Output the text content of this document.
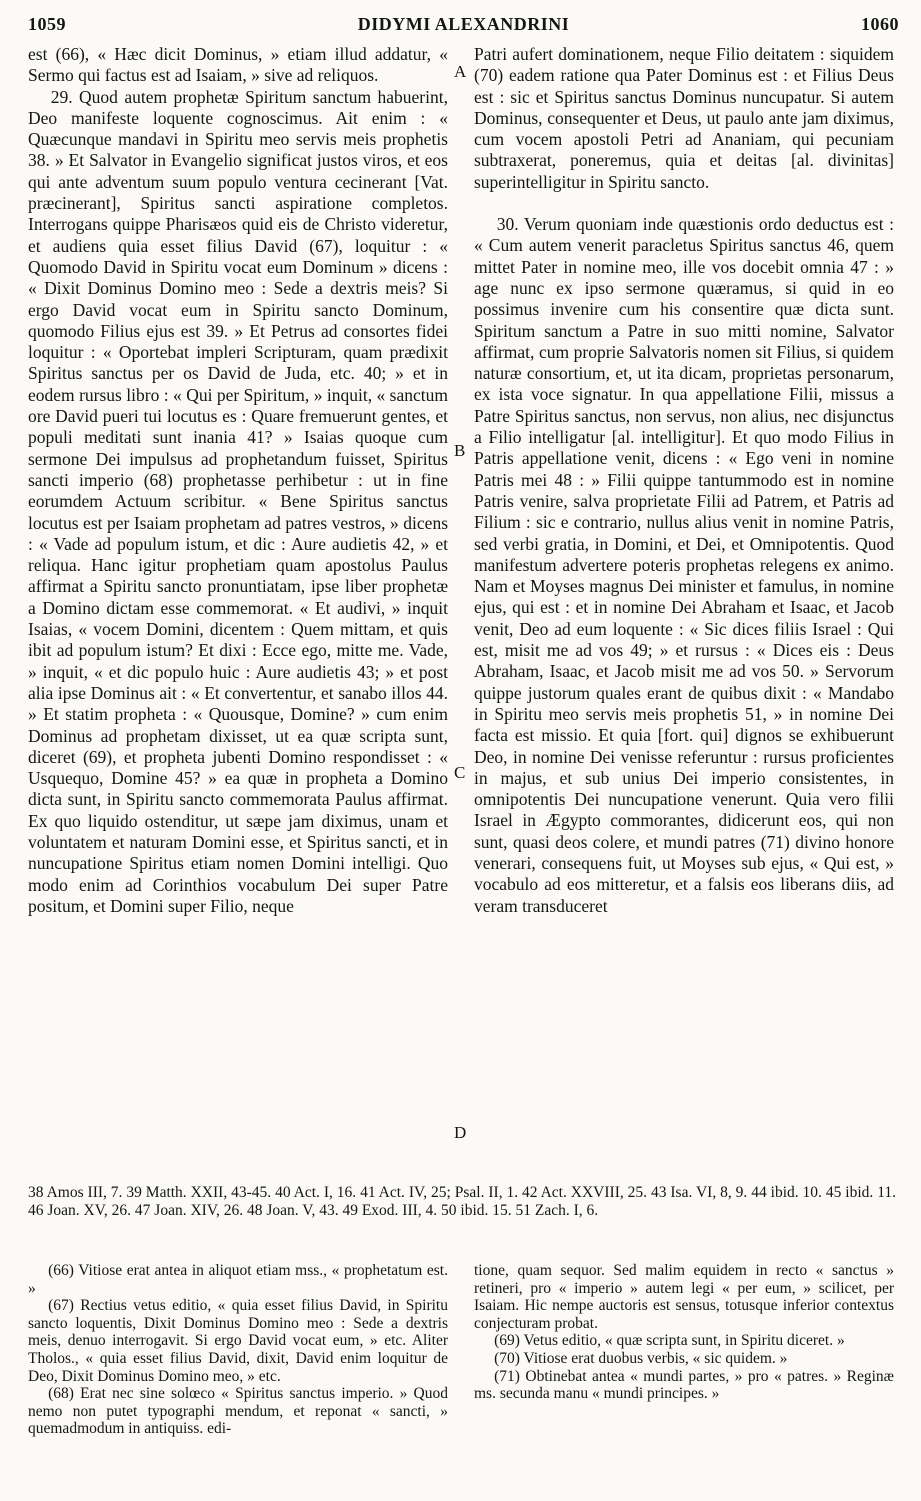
1059	DIDYMI ALEXANDRINI	1060
A
B
C
D

est (66), « Hæc dicit Dominus, » etiam illud addatur, « Sermo qui factus est ad Isaiam, » sive ad reliquos.

29. Quod autem prophetæ Spiritum sanctum habuerint, Deo manifeste loquente cognoscimus. Ait enim : « Quæcunque mandavi in Spiritu meo servis meis prophetis 38. » Et Salvator in Evangelio significat justos viros, et eos qui ante adventum suum populo ventura cecinerant [Vat. præcinerant], Spiritus sancti aspiratione completos. Interrogans quippe Pharisæos quid eis de Christo videretur, et audiens quia esset filius David (67), loquitur : « Quomodo David in Spiritu vocat eum Dominum » dicens : « Dixit Dominus Domino meo : Sede a dextris meis? Si ergo David vocat eum in Spiritu sancto Dominum, quomodo Filius ejus est 39. » Et Petrus ad consortes fidei loquitur : « Oportebat impleri Scripturam, quam prædixit Spiritus sanctus per os David de Juda, etc. 40; » et in eodem rursus libro : « Qui per Spiritum, » inquit, « sanctum ore David pueri tui locutus es : Quare fremuerunt gentes, et populi meditati sunt inania 41? » Isaias quoque cum sermone Dei impulsus ad prophetandum fuisset, Spiritus sancti imperio (68) prophetasse perhibetur : ut in fine eorumdem Actuum scribitur. « Bene Spiritus sanctus locutus est per Isaiam prophetam ad patres vestros, » dicens : « Vade ad populum istum, et dic : Aure audietis 42, » et reliqua. Hanc igitur prophetiam quam apostolus Paulus affirmat a Spiritu sancto pronuntiatam, ipse liber prophetæ a Domino dictam esse commemorat. « Et audivi, » inquit Isaias, « vocem Domini, dicentem : Quem mittam, et quis ibit ad populum istum? Et dixi : Ecce ego, mitte me. Vade, » inquit, « et dic populo huic : Aure audietis 43; » et post alia ipse Dominus ait : « Et convertentur, et sanabo illos 44. » Et statim propheta : « Quousque, Domine? » cum enim Dominus ad prophetam dixisset, ut ea quæ scripta sunt, diceret (69), et propheta jubenti Domino respondisset : « Usquequo, Domine 45? » ea quæ in propheta a Domino dicta sunt, in Spiritu sancto commemorata Paulus affirmat. Ex quo liquido ostenditur, ut sæpe jam diximus, unam et voluntatem et naturam Domini esse, et Spiritus sancti, et in nuncupatione Spiritus etiam nomen Domini intelligi. Quo modo enim ad Corinthios vocabulum Dei super Patre positum, et Domini super Filio, neque

Patri aufert dominationem, neque Filio deitatem : siquidem (70) eadem ratione qua Pater Dominus est : et Filius Deus est : sic et Spiritus sanctus Dominus nuncupatur. Si autem Dominus, consequenter et Deus, ut paulo ante jam diximus, cum vocem apostoli Petri ad Ananiam, qui pecuniam subtraxerat, poneremus, quia et deitas [al. divinitas] superintelligitur in Spiritu sancto.

30. Verum quoniam inde quæstionis ordo deductus est : « Cum autem venerit paracletus Spiritus sanctus 46, quem mittet Pater in nomine meo, ille vos docebit omnia 47 : » age nunc ex ipso sermone quæramus, si quid in eo possimus invenire cum his consentire quæ dicta sunt. Spiritum sanctum a Patre in suo mitti nomine, Salvator affirmat, cum proprie Salvatoris nomen sit Filius, si quidem naturæ consortium, et, ut ita dicam, proprietas personarum, ex ista voce signatur. In qua appellatione Filii, missus a Patre Spiritus sanctus, non servus, non alius, nec disjunctus a Filio intelligatur [al. intelligitur]. Et quo modo Filius in Patris appellatione venit, dicens : « Ego veni in nomine Patris mei 48 : » Filii quippe tantummodo est in nomine Patris venire, salva proprietate Filii ad Patrem, et Patris ad Filium : sic e contrario, nullus alius venit in nomine Patris, sed verbi gratia, in Domini, et Dei, et Omnipotentis. Quod manifestum advertere poteris prophetas relegens ex animo. Nam et Moyses magnus Dei minister et famulus, in nomine ejus, qui est : et in nomine Dei Abraham et Isaac, et Jacob venit, Deo ad eum loquente : « Sic dices filiis Israel : Qui est, misit me ad vos 49; » et rursus : « Dices eis : Deus Abraham, Isaac, et Jacob misit me ad vos 50. » Servorum quippe justorum quales erant de quibus dixit : « Mandabo in Spiritu meo servis meis prophetis 51, » in nomine Dei facta est missio. Et quia [fort. qui] dignos se exhibuerunt Deo, in nomine Dei venisse referuntur : rursus proficientes in majus, et sub unius Dei imperio consistentes, in omnipotentis Dei nuncupatione venerunt. Quia vero filii Israel in Ægypto commorantes, didicerunt eos, qui non sunt, quasi deos colere, et mundi patres (71) divino honore venerari, consequens fuit, ut Moyses sub ejus, « Qui est, » vocabulo ad eos mitteretur, et a falsis eos liberans diis, ad veram transduceret

38 Amos III, 7. 39 Matth. XXII, 43-45. 40 Act. I, 16. 41 Act. IV, 25; Psal. II, 1. 42 Act. XXVIII, 25. 43 Isa. VI, 8, 9. 44 ibid. 10. 45 ibid. 11. 46 Joan. XV, 26. 47 Joan. XIV, 26. 48 Joan. V, 43. 49 Exod. III, 4. 50 ibid. 15. 51 Zach. I, 6.

(66) Vitiose erat antea in aliquot etiam mss., « prophetatum est. »

(67) Rectius vetus editio, « quia esset filius David, in Spiritu sancto loquentis, Dixit Dominus Domino meo : Sede a dextris meis, denuo interrogavit. Si ergo David vocat eum, » etc. Aliter Tholos., « quia esset filius David, dixit, David enim loquitur de Deo, Dixit Dominus Domino meo, » etc.

(68) Erat nec sine solœco « Spiritus sanctus imperio. » Quod nemo non putet typographi mendum, et reponat « sancti, » quemadmodum in antiquiss. edi-

tione, quam sequor. Sed malim equidem in recto « sanctus » retineri, pro « imperio » autem legi « per eum, » scilicet, per Isaiam. Hic nempe auctoris est sensus, totusque inferior contextus conjecturam probat.

(69) Vetus editio, « quæ scripta sunt, in Spiritu diceret. »

(70) Vitiose erat duobus verbis, « sic quidem. »

(71) Obtinebat antea « mundi partes, » pro « patres. » Reginæ ms. secunda manu « mundi principes. »
